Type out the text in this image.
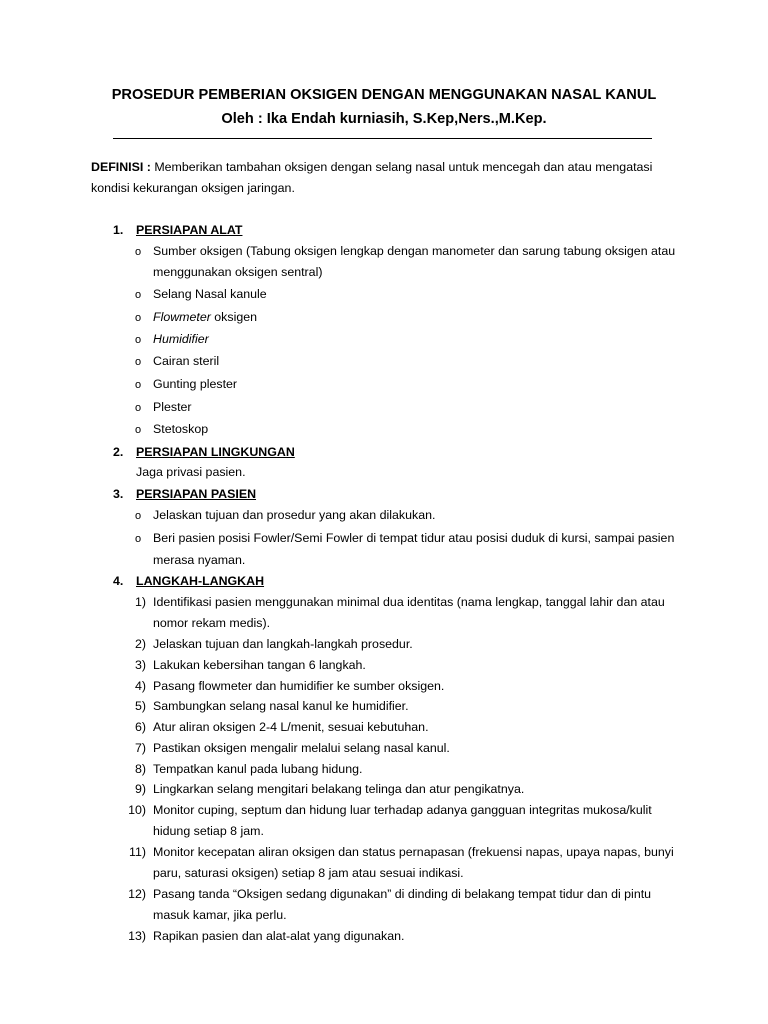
PROSEDUR PEMBERIAN OKSIGEN DENGAN MENGGUNAKAN NASAL KANUL
Oleh : Ika Endah kurniasih, S.Kep,Ners.,M.Kep.
DEFINISI : Memberikan tambahan oksigen dengan selang nasal untuk mencegah dan atau mengatasi
kondisi kekurangan oksigen jaringan.
1. PERSIAPAN ALAT
o Sumber oksigen (Tabung oksigen lengkap dengan manometer dan sarung tabung oksigen atau
menggunakan oksigen sentral)
o Selang Nasal kanule
o Flowmeter oksigen
o Humidifier
o Cairan steril
o Gunting plester
o Plester
o Stetoskop
2. PERSIAPAN LINGKUNGAN
Jaga privasi pasien.
3. PERSIAPAN PASIEN
o Jelaskan tujuan dan prosedur yang akan dilakukan.
o Beri pasien posisi Fowler/Semi Fowler di tempat tidur atau posisi duduk di kursi, sampai pasien
merasa nyaman.
4. LANGKAH-LANGKAH
1) Identifikasi pasien menggunakan minimal dua identitas (nama lengkap, tanggal lahir dan atau
nomor rekam medis).
2) Jelaskan tujuan dan langkah-langkah prosedur.
3) Lakukan kebersihan tangan 6 langkah.
4) Pasang flowmeter dan humidifier ke sumber oksigen.
5) Sambungkan selang nasal kanul ke humidifier.
6) Atur aliran oksigen 2-4 L/menit, sesuai kebutuhan.
7) Pastikan oksigen mengalir melalui selang nasal kanul.
8) Tempatkan kanul pada lubang hidung.
9) Lingkarkan selang mengitari belakang telinga dan atur pengikatnya.
10) Monitor cuping, septum dan hidung luar terhadap adanya gangguan integritas mukosa/kulit
hidung setiap 8 jam.
11) Monitor kecepatan aliran oksigen dan status pernapasan (frekuensi napas, upaya napas, bunyi
paru, saturasi oksigen) setiap 8 jam atau sesuai indikasi.
12) Pasang tanda “Oksigen sedang digunakan” di dinding di belakang tempat tidur dan di pintu
masuk kamar, jika perlu.
13) Rapikan pasien dan alat-alat yang digunakan.
